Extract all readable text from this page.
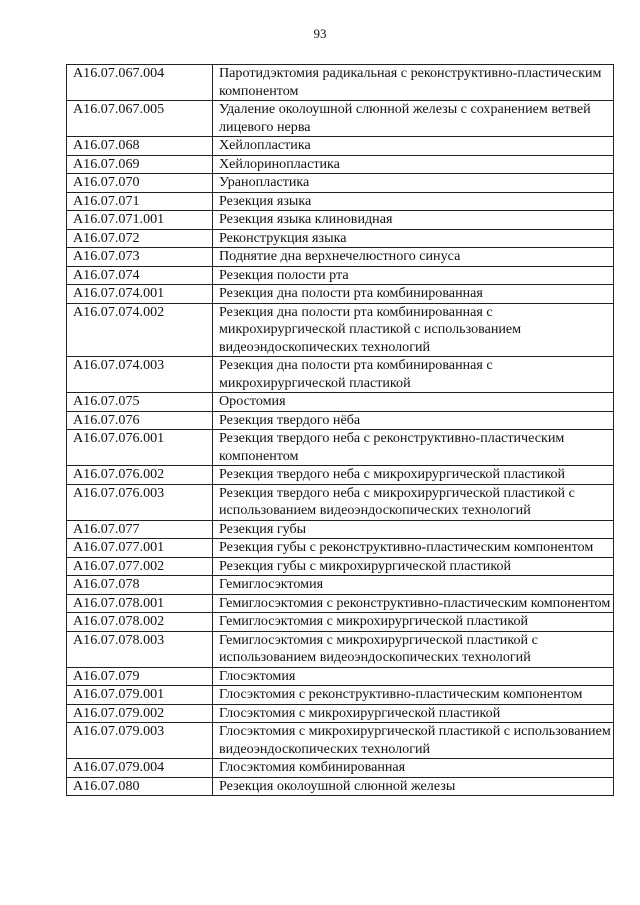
93
A16.07.067.004	Паротидэктомия радикальная с реконструктивно-пластическим компонентом
A16.07.067.005	Удаление околоушной слюнной железы с сохранением ветвей лицевого нерва
A16.07.068	Хейлопластика
A16.07.069	Хейлоринопластика
A16.07.070	Уранопластика
A16.07.071	Резекция языка
A16.07.071.001	Резекция языка клиновидная
A16.07.072	Реконструкция языка
A16.07.073	Поднятие дна верхнечелюстного синуса
A16.07.074	Резекция полости рта
A16.07.074.001	Резекция дна полости рта комбинированная
A16.07.074.002	Резекция дна полости рта комбинированная с микрохирургической пластикой с использованием видеоэндоскопических технологий
A16.07.074.003	Резекция дна полости рта комбинированная с микрохирургической пластикой
A16.07.075	Оростомия
A16.07.076	Резекция твердого нёба
A16.07.076.001	Резекция твердого неба с реконструктивно-пластическим компонентом
A16.07.076.002	Резекция твердого неба с микрохирургической пластикой
A16.07.076.003	Резекция твердого неба с микрохирургической пластикой с использованием видеоэндоскопических технологий
A16.07.077	Резекция губы
A16.07.077.001	Резекция губы с реконструктивно-пластическим компонентом
A16.07.077.002	Резекция губы с микрохирургической пластикой
A16.07.078	Гемиглосэктомия
A16.07.078.001	Гемиглосэктомия с реконструктивно-пластическим компонентом
A16.07.078.002	Гемиглосэктомия с микрохирургической пластикой
A16.07.078.003	Гемиглосэктомия с микрохирургической пластикой с использованием видеоэндоскопических технологий
A16.07.079	Глосэктомия
A16.07.079.001	Глосэктомия с реконструктивно-пластическим компонентом
A16.07.079.002	Глосэктомия с микрохирургической пластикой
A16.07.079.003	Глосэктомия с микрохирургической пластикой с использованием видеоэндоскопических технологий
A16.07.079.004	Глосэктомия комбинированная
A16.07.080	Резекция околоушной слюнной железы
